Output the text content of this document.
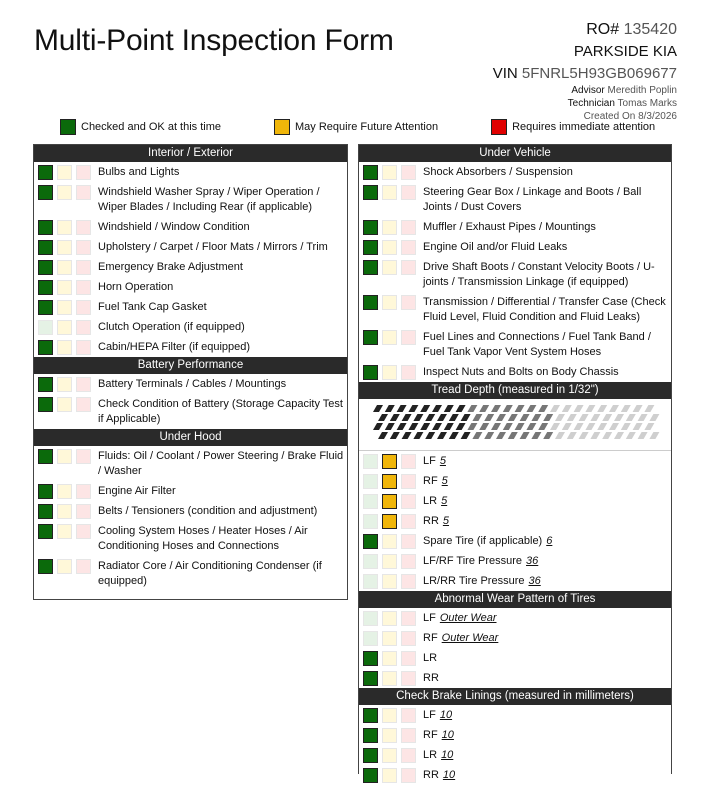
Multi-Point Inspection Form	RO# 135420
PARKSIDE KIA
VIN 5FNRL5H93GB069677
Advisor Meredith Poplin
Technician Tomas Marks
Created On 8/3/2026
Checked and OK at this time	May Require Future Attention	Requires immediate attention
Interior / Exterior
Bulbs and Lights
Windshield Washer Spray / Wiper Operation / Wiper Blades / Including Rear (if applicable)
Windshield / Window Condition
Upholstery / Carpet / Floor Mats / Mirrors / Trim
Emergency Brake Adjustment
Horn Operation
Fuel Tank Cap Gasket
Clutch Operation (if equipped)
Cabin/HEPA Filter (if equipped)
Battery Performance
Battery Terminals / Cables / Mountings
Check Condition of Battery (Storage Capacity Test if Applicable)
Under Hood
Fluids: Oil / Coolant / Power Steering / Brake Fluid / Washer
Engine Air Filter
Belts / Tensioners (condition and adjustment)
Cooling System Hoses / Heater Hoses / Air Conditioning Hoses and Connections
Radiator Core / Air Conditioning Condenser (if equipped)
Under Vehicle
Shock Absorbers / Suspension
Steering Gear Box / Linkage and Boots / Ball Joints / Dust Covers
Muffler / Exhaust Pipes / Mountings
Engine Oil and/or Fluid Leaks
Drive Shaft Boots / Constant Velocity Boots / U-joints / Transmission Linkage (if equipped)
Transmission / Differential / Transfer Case (Check Fluid Level, Fluid Condition and Fluid Leaks)
Fuel Lines and Connections / Fuel Tank Band / Fuel Tank Vapor Vent System Hoses
Inspect Nuts and Bolts on Body Chassis
Tread Depth (measured in 1/32")
LF 5
RF 5
LR 5
RR 5
Spare Tire (if applicable) 6
LF/RF Tire Pressure 36
LR/RR Tire Pressure 36
Abnormal Wear Pattern of Tires
LF Outer Wear
RF Outer Wear
LR
RR
Check Brake Linings (measured in millimeters)
LF 10
RF 10
LR 10
RR 10
